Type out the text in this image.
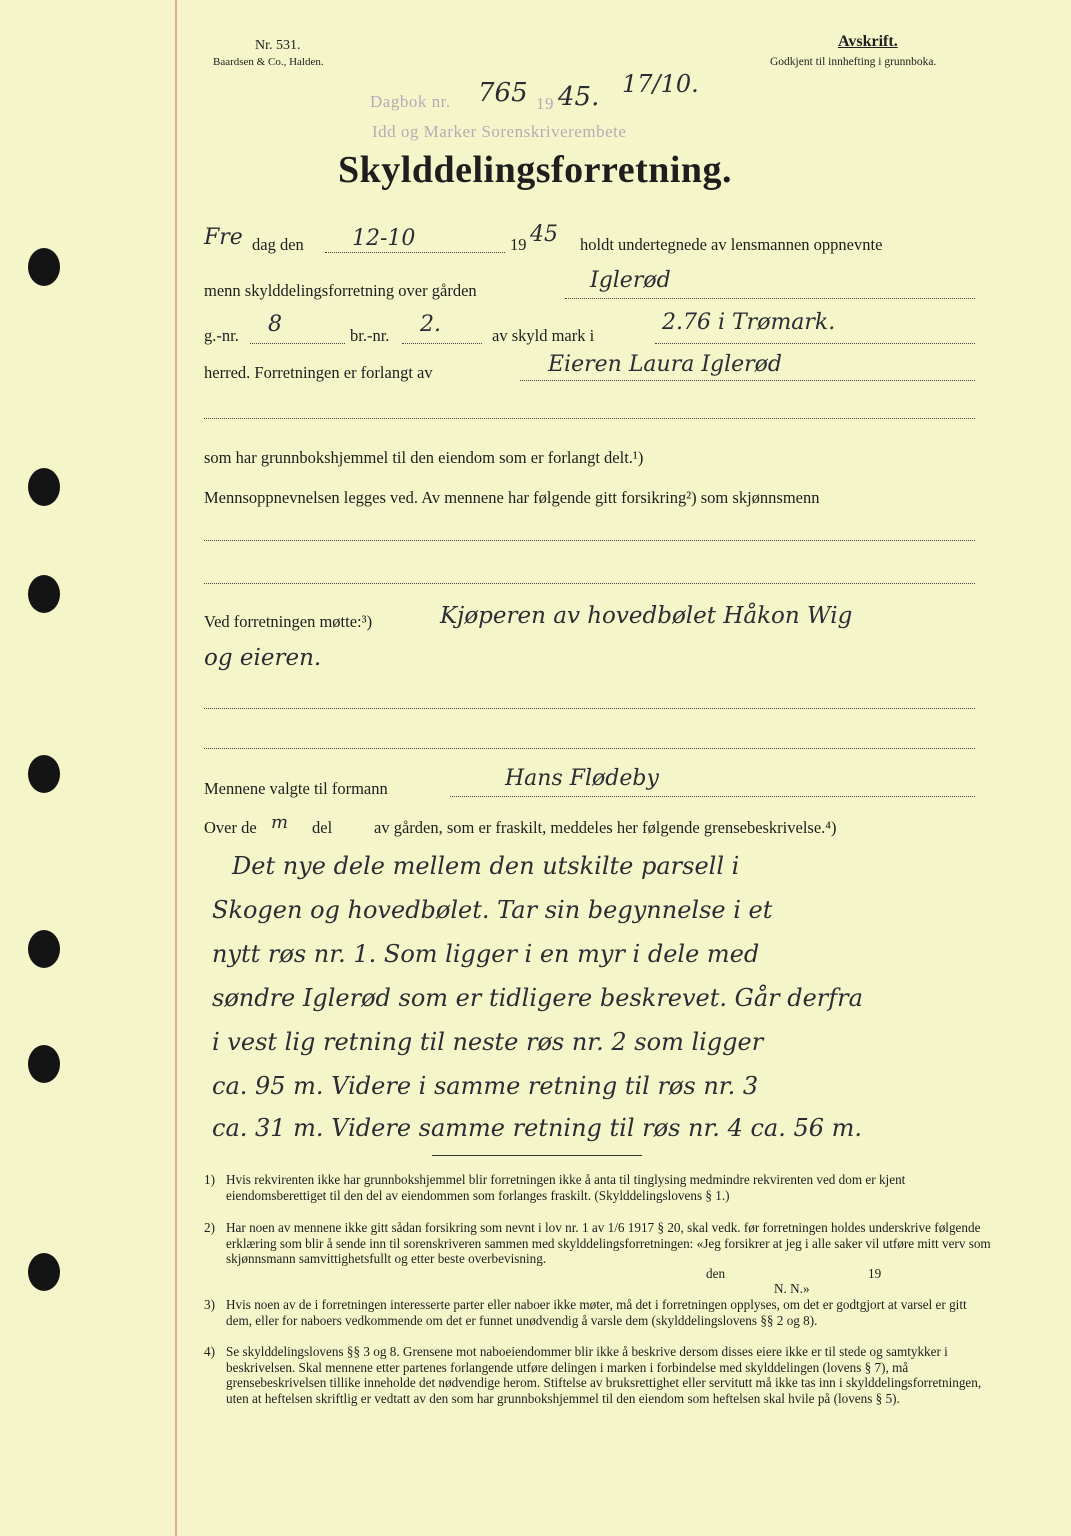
Nr. 531.
Baardsen & Co., Halden.
Avskrift.
Godkjent til innhefting i grunnboka.
Dagbok nr. 765 19 45. 17/10.
Idd og Marker Sorenskriverembete
Skylddelingsforretning.
Fre dag den 12-10	19 45 holdt undertegnede av lensmannen oppnevnte
menn skylddelingsforretning over gården	Iglerød
g.-nr. 8	br.-nr. 2.	av skyld mark i
2.76 i Trømark.
herred. Forretningen er forlangt av	Eieren Laura Iglerød
som har grunnbokshjemmel til den eiendom som er forlangt delt.¹)
Mennsoppnevnelsen legges ved. Av mennene har følgende gitt forsikring²) som skjønnsmenn
Ved forretningen møtte:³)	Kjøperen av hovedbølet Håkon Wig
og eieren.
Mennene valgte til formann	Hans Flødeby
Over de m del	av gården, som er fraskilt, meddeles her følgende grensebeskrivelse.⁴)
Det nye dele mellem den utskilte parsell i
Skogen og hovedbølet. Tar sin begynnelse i et
nytt røs nr. 1. Som ligger i en myr i dele med
søndre Iglerød som er tidligere beskrevet. Går derfra
i vest lig retning til neste røs nr. 2 som ligger
ca. 95 m. Videre i samme retning til røs nr. 3
ca. 31 m. Videre samme retning til røs nr. 4 ca. 56 m.
1) Hvis rekvirenten ikke har grunnbokshjemmel blir forretningen ikke å anta til tinglysing medmindre rekvirenten ved dom er kjent eiendomsberettiget til den del av eiendommen som forlanges fraskilt. (Skylddelingslovens § 1.)
2) Har noen av mennene ikke gitt sådan forsikring som nevnt i lov nr. 1 av 1/6 1917 § 20, skal vedk. før forretningen holdes underskrive følgende erklæring som blir å sende inn til sorenskriveren sammen med skylddelingsforretningen: «Jeg forsikrer at jeg i alle saker vil utføre mitt verv som skjønnsmann samvittighetsfullt og etter beste overbevisning.
den	19
N. N.»
3) Hvis noen av de i forretningen interesserte parter eller naboer ikke møter, må det i forretningen opplyses, om det er godtgjort at varsel er gitt dem, eller for naboers vedkommende om det er funnet unødvendig å varsle dem (skylddelingslovens §§ 2 og 8).
4) Se skylddelingslovens §§ 3 og 8. Grensene mot naboeiendommer blir ikke å beskrive dersom disses eiere ikke er til stede og samtykker i beskrivelsen. Skal mennene etter partenes forlangende utføre delingen i marken i forbindelse med skylddelingen (lovens § 7), må grensebeskrivelsen tillike inneholde det nødvendige herom. Stiftelse av bruksrettighet eller servitutt må ikke tas inn i skylddelingsforretningen, uten at heftelsen skriftlig er vedtatt av den som har grunnbokshjemmel til den eiendom som heftelsen skal hvile på (lovens § 5).
